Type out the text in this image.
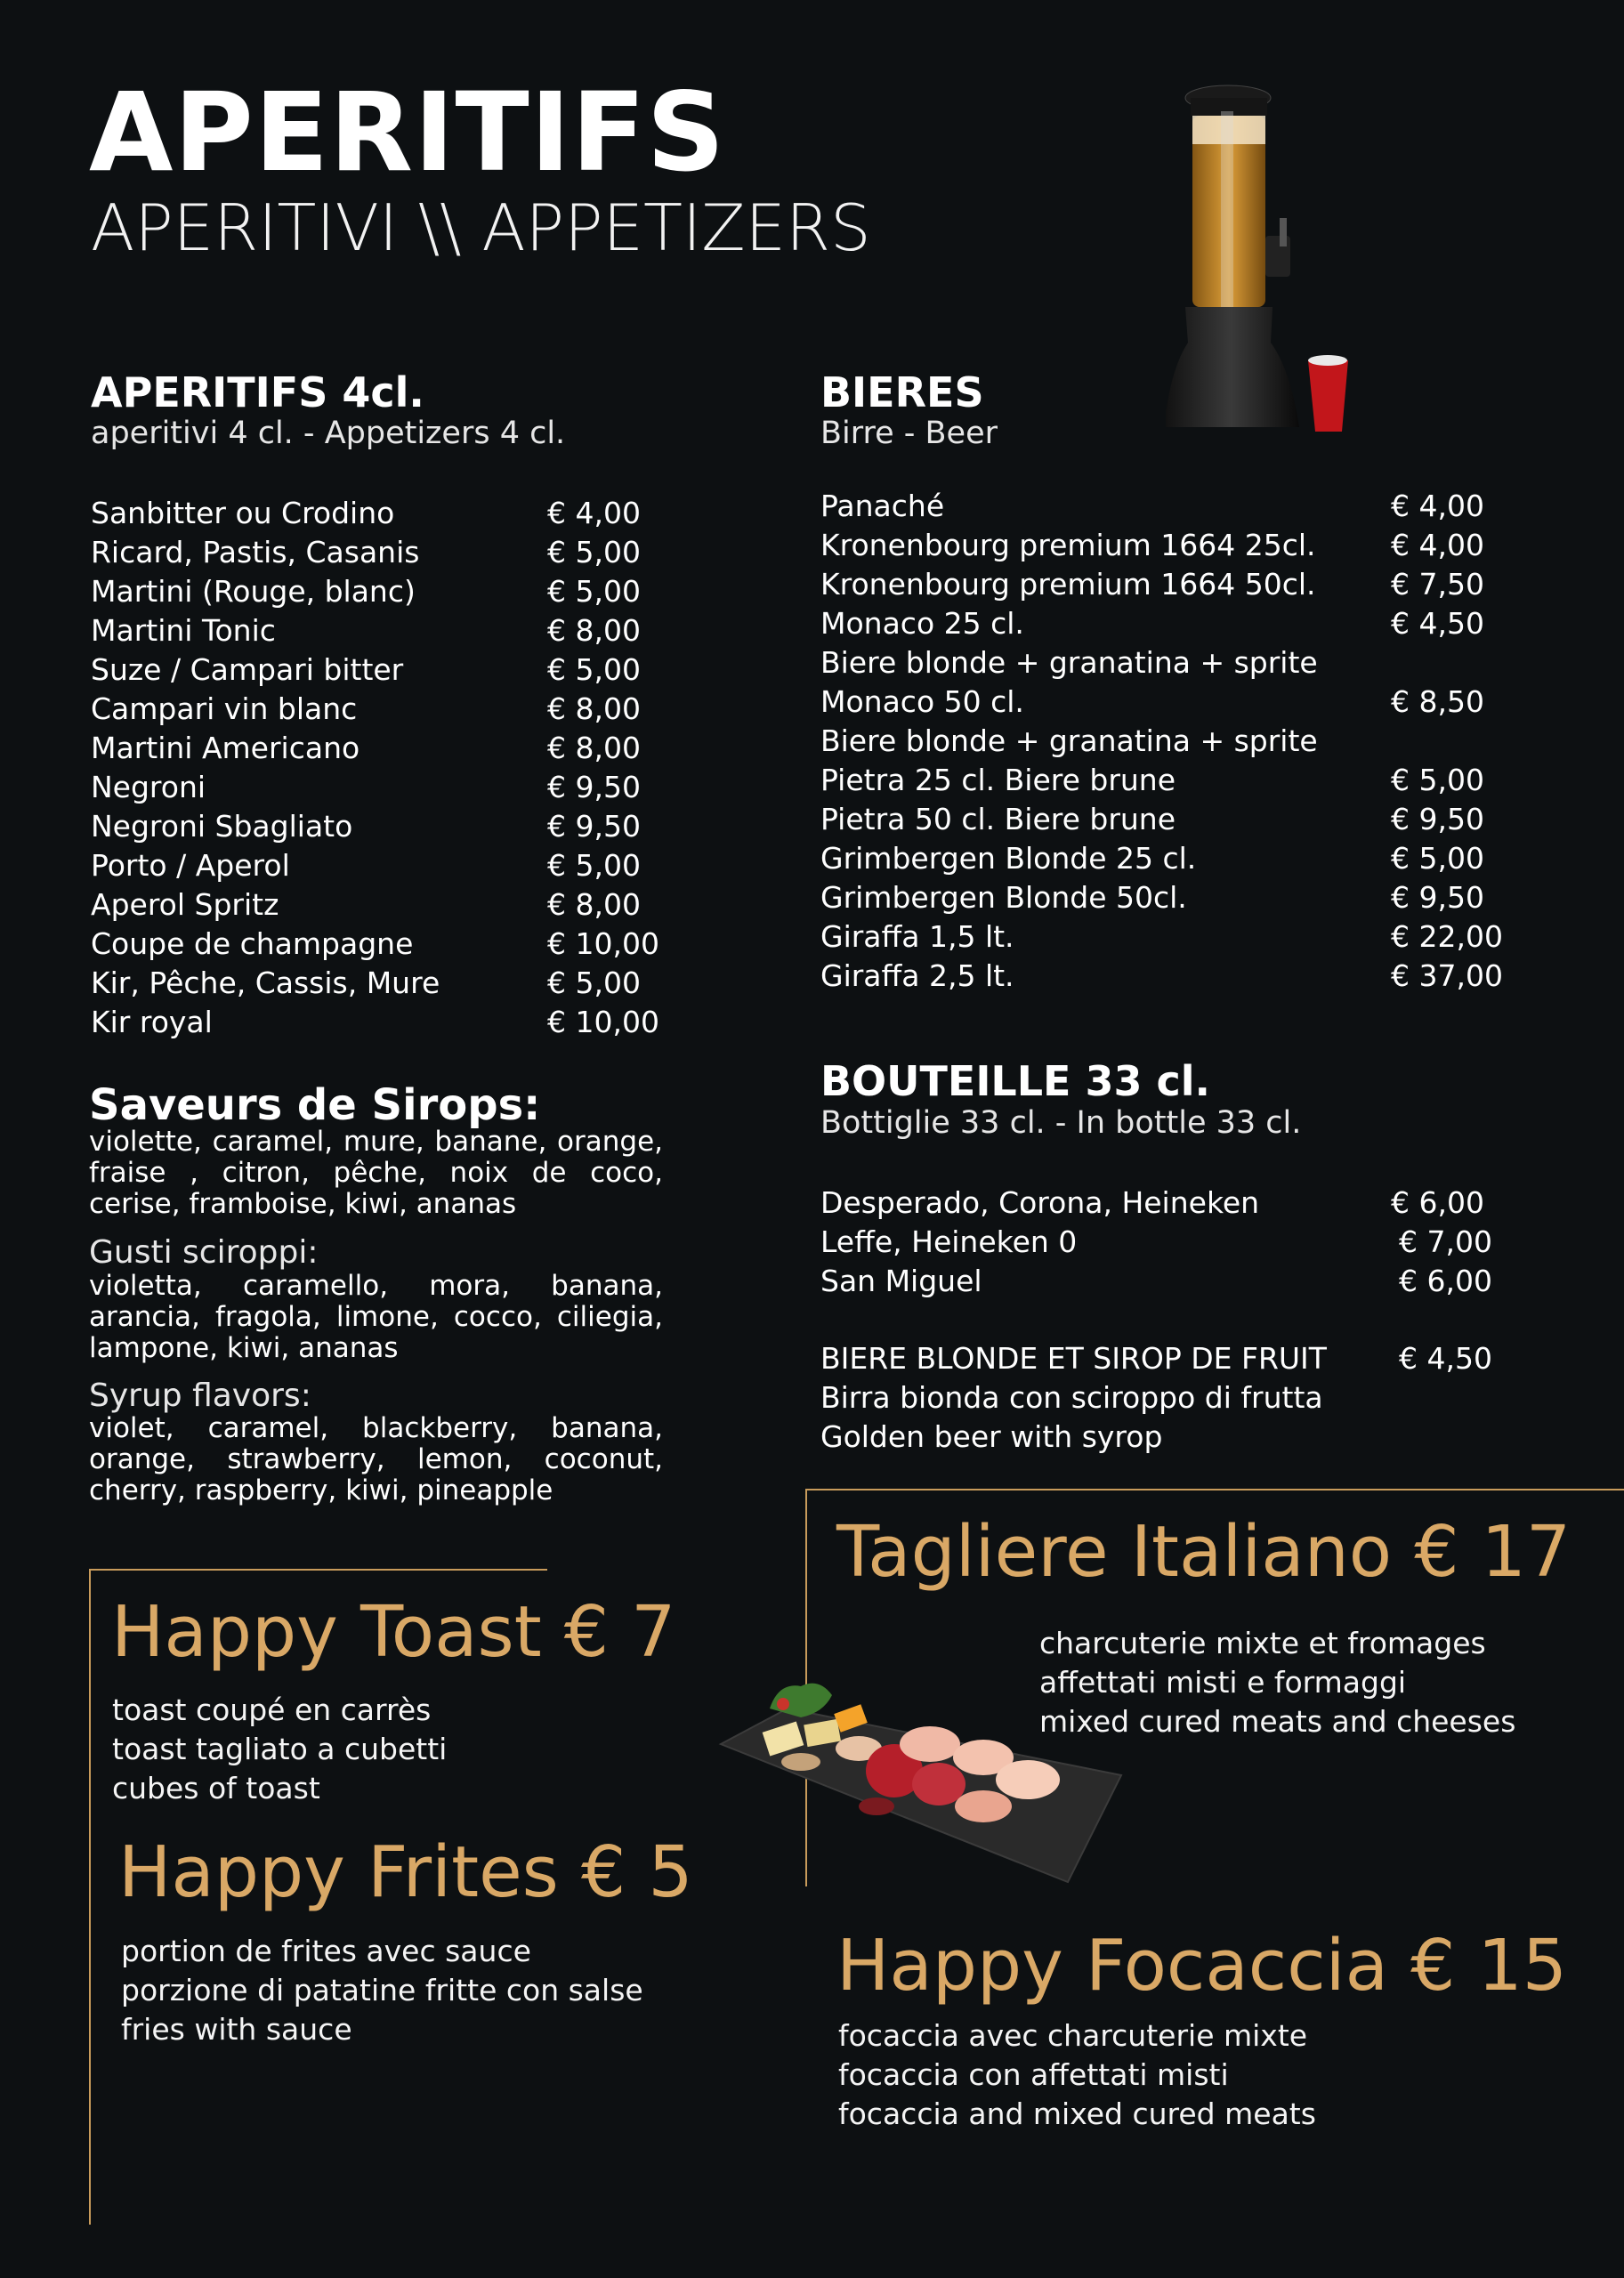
APERITIFS
APERITIVI \\ APPETIZERS
APERITIFS 4cl.
aperitivi 4 cl. - Appetizers 4 cl.
Sanbitter ou Crodino	€ 4,00
Ricard, Pastis, Casanis	€ 5,00
Martini (Rouge, blanc)	€ 5,00
Martini Tonic	€ 8,00
Suze / Campari bitter	€ 5,00
Campari vin blanc	€ 8,00
Martini Americano	€ 8,00
Negroni	€ 9,50
Negroni Sbagliato	€ 9,50
Porto / Aperol	€ 5,00
Aperol Spritz	€ 8,00
Coupe de champagne	€ 10,00
Kir, Pêche, Cassis, Mure	€ 5,00
Kir royal	€ 10,00
Saveurs de Sirops:
violette, caramel, mure, banane, orange, fraise , citron, pêche, noix de coco, cerise, framboise, kiwi, ananas
Gusti sciroppi:
violetta, caramello, mora, banana, arancia, fragola, limone, cocco, ciliegia, lampone, kiwi, ananas
Syrup flavors:
violet, caramel, blackberry, banana, orange, strawberry, lemon, coconut, cherry, raspberry, kiwi, pineapple
BIERES
Birre - Beer
Panaché	€ 4,00
Kronenbourg premium 1664 25cl.	€ 4,00
Kronenbourg premium 1664 50cl.	€ 7,50
Monaco 25 cl.	€ 4,50
Biere blonde + granatina + sprite
Monaco 50 cl.	€ 8,50
Biere blonde + granatina + sprite
Pietra 25 cl. Biere brune	€ 5,00
Pietra 50 cl. Biere brune	€ 9,50
Grimbergen Blonde 25 cl.	€ 5,00
Grimbergen Blonde 50cl.	€ 9,50
Giraffa 1,5 lt.	€ 22,00
Giraffa 2,5 lt.	€ 37,00
BOUTEILLE 33 cl.
Bottiglie 33 cl. - In bottle 33 cl.
Desperado, Corona, Heineken	€ 6,00
Leffe, Heineken 0	€ 7,00
San Miguel	€ 6,00
BIERE BLONDE ET SIROP DE FRUIT € 4,50
Birra bionda con sciroppo di frutta
Golden beer with syrop
Happy Toast € 7
toast coupé en carrès
toast tagliato a cubetti
cubes of toast
Happy Frites € 5
portion de frites avec sauce
porzione di patatine fritte con salse
fries with sauce
Tagliere Italiano € 17
charcuterie mixte et fromages
affettati misti e formaggi
mixed cured meats and cheeses
Happy Focaccia € 15
focaccia avec charcuterie mixte
focaccia con affettati misti
focaccia and mixed cured meats
